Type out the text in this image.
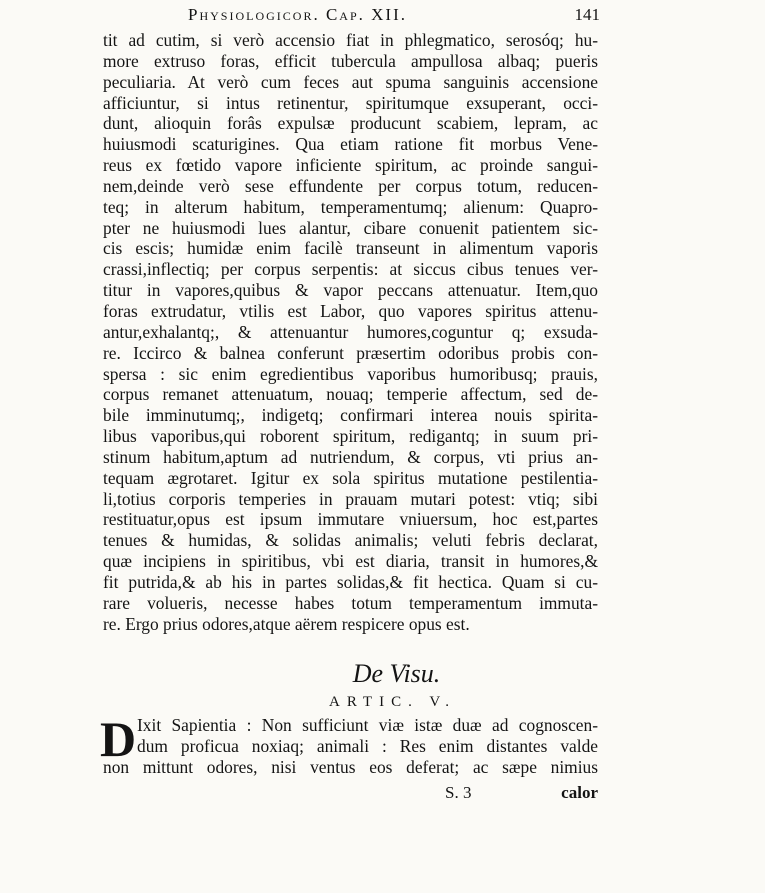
Physiologicor. Cap. XII.	141
tit ad cutim, si verò accensio fiat in phlegmatico, serosóq; hu-
more extruso foras, efficit tubercula ampullosa albaq; pueris
peculiaria. At verò cum feces aut spuma sanguinis accensione
afficiuntur, si intus retinentur, spiritumque exsuperant, occi-
dunt, alioquin forâs expulsæ producunt scabiem, lepram, ac
huiusmodi scaturigines. Qua etiam ratione fit morbus Vene-
reus ex fœtido vapore inficiente spiritum, ac proinde sangui-
nem,deinde verò sese effundente per corpus totum, reducen-
teq; in alterum habitum, temperamentumq; alienum: Quapro-
pter ne huiusmodi lues alantur, cibare conuenit patientem sic-
cis escis; humidæ enim facilè transeunt in alimentum vaporis
crassi,inflectiq; per corpus serpentis: at siccus cibus tenues ver-
titur in vapores,quibus & vapor peccans attenuatur. Item,quo
foras extrudatur, vtilis est Labor, quo vapores spiritus attenu-
antur,exhalantq;, & attenuantur humores,coguntur q; exsuda-
re. Iccirco & balnea conferunt præsertim odoribus probis con-
spersa : sic enim egredientibus vaporibus humoribusq; prauis,
corpus remanet attenuatum, nouaq; temperie affectum, sed de-
bile imminutumq;, indigetq; confirmari interea nouis spirita-
libus vaporibus,qui roborent spiritum, redigantq; in suum pri-
stinum habitum,aptum ad nutriendum, & corpus, vti prius an-
tequam ægrotaret. Igitur ex sola spiritus mutatione pestilentia-
li,totius corporis temperies in prauam mutari potest: vtiq; sibi
restituatur,opus est ipsum immutare vniuersum, hoc est,partes
tenues & humidas, & solidas animalis; veluti febris declarat,
quæ incipiens in spiritibus, vbi est diaria, transit in humores,&
fit putrida,& ab his in partes solidas,& fit hectica. Quam si cu-
rare volueris, necesse habes totum temperamentum immuta-
re. Ergo prius odores,atque aërem respicere opus est.
De Visu.
ARTIC. V.
D Ixit Sapientia : Non sufficiunt viæ istæ duæ ad cognoscen-
dum proficua noxiaq; animali : Res enim distantes valde
non mittunt odores, nisi ventus eos deferat; ac sæpe nimius
S. 3	calor
